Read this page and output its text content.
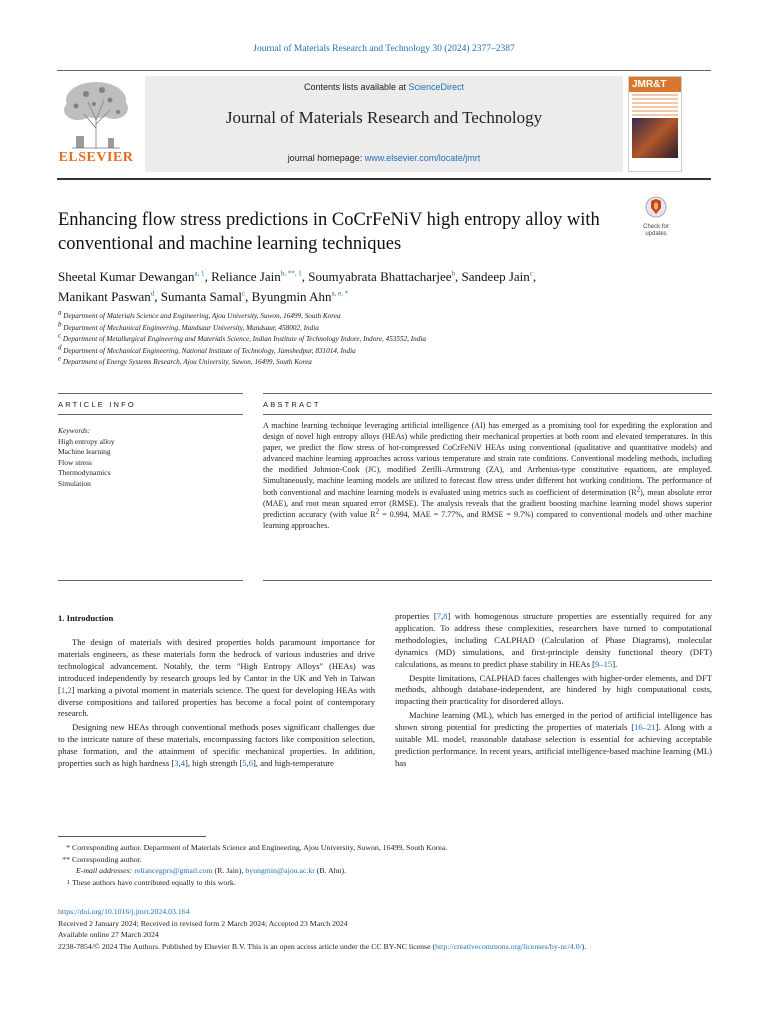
Journal of Materials Research and Technology 30 (2024) 2377–2387
ELSEVIER
Contents lists available at ScienceDirect
Journal of Materials Research and Technology
journal homepage: www.elsevier.com/locate/jmrt
JMR&T
Check for updates
Enhancing flow stress predictions in CoCrFeNiV high entropy alloy with
conventional and machine learning techniques
Sheetal Kumar Dewangan$^{a, 1}$, Reliance Jain$^{b, **, 1}$, Soumyabrata Bhattacharjee$^b$, Sandeep Jain$^c$,
Manikant Paswan$^d$, Sumanta Samal$^c$, Byungmin Ahn$^{a, e, *}$
$^a$ Department of Materials Science and Engineering, Ajou University, Suwon, 16499, South Korea
$^b$ Department of Mechanical Engineering, Mandsaur University, Mandsaur, 458002, India
$^c$ Department of Metallurgical Engineering and Materials Science, Indian Institute of Technology Indore, Indore, 453552, India
$^d$ Department of Mechanical Engineering, National Institute of Technology, Jamshedpur, 831014, India
$^e$ Department of Energy Systems Research, Ajou University, Suwon, 16499, South Korea
ARTICLE INFO	ABSTRACT
Keywords:
High entropy alloy
Machine learning
Flow stress
Thermodynamics
Simulation
A machine learning technique leveraging artificial intelligence (AI) has emerged as a promising tool for expediting the exploration and design of novel high entropy alloys (HEAs) while predicting their mechanical properties at both room and elevated temperatures. In this paper, we predict the flow stress of hot-compressed CoCrFeNiV HEAs using conventional (qualitative and quantitative models) and advanced machine learning approaches across various temperature and strain rate conditions. Conventional modeling methods, including the modified Johnson-Cook (JC), modified Zerilli–Armstrong (ZA), and Arrhenius-type constitutive equations, are employed. Simultaneously, machine learning models are utilized to forecast flow stress under different hot working conditions. The performance of both conventional and machine learning models is evaluated using metrics such as coefficient of determination $(R^2)$, mean absolute error (MAE), and root mean squared error (RMSE). The analysis reveals that the gradient boosting machine learning model shows superior prediction accuracy (with value $R^2 = 0.994$, MAE = 7.77%, and RMSE = 9.7%) compared to conventional models and other machine learning approaches.
1. Introduction

The design of materials with desired properties holds paramount importance for materials engineers, as these materials form the bedrock of various industries and drive technological advancement. Notably, the term "High Entropy Alloys" (HEAs) was introduced independently by research groups led by Cantor in the UK and Yeh in Taiwan [1,2] marking a pivotal moment in materials science. The quest for developing HEAs with diverse compositions and tailored properties has become a focal point of contemporary research.

Designing new HEAs through conventional methods poses significant challenges due to the intricate nature of these materials, encompassing factors like composition selection, phase formation, and the attainment of specific mechanical properties. In addition, properties such as high hardness [3,4], high strength [5,6], and high-temperature

properties [7,8] with homogenous structure properties are essentially required for any application. To address these complexities, researchers have turned to computational methodologies, including CALPHAD (Calculation of Phase Diagrams), molecular dynamics (MD) simulations, and first-principle density functional theory (DFT) calculations, as means to predict phase stability in HEAs [9–15].

Despite limitations, CALPHAD faces challenges with higher-order elements, and DFT methods, although database-independent, are hindered by high computational costs, impacting their practicality for disordered alloys.

Machine learning (ML), which has emerged in the period of artificial intelligence has shown strong potential for predicting the properties of materials [16–21]. Along with a suitable ML model, reasonable database selection is essential for achieving acceptable prediction performance. In recent years, artificial intelligence-based machine learning (ML) has

* Corresponding author. Department of Materials Science and Engineering, Ajou University, Suwon, 16499, South Korea.
** Corresponding author.
E-mail addresses: reliancegprs@gmail.com (R. Jain), byungmin@ajou.ac.kr (B. Ahn).
1 These authors have contributed equally to this work.
https://doi.org/10.1016/j.jmrt.2024.03.164
Received 2 January 2024; Received in revised form 2 March 2024; Accepted 23 March 2024
Available online 27 March 2024
2238-7854/© 2024 The Authors. Published by Elsevier B.V. This is an open access article under the CC BY-NC license (http://creativecommons.org/licenses/by-nc/4.0/).
